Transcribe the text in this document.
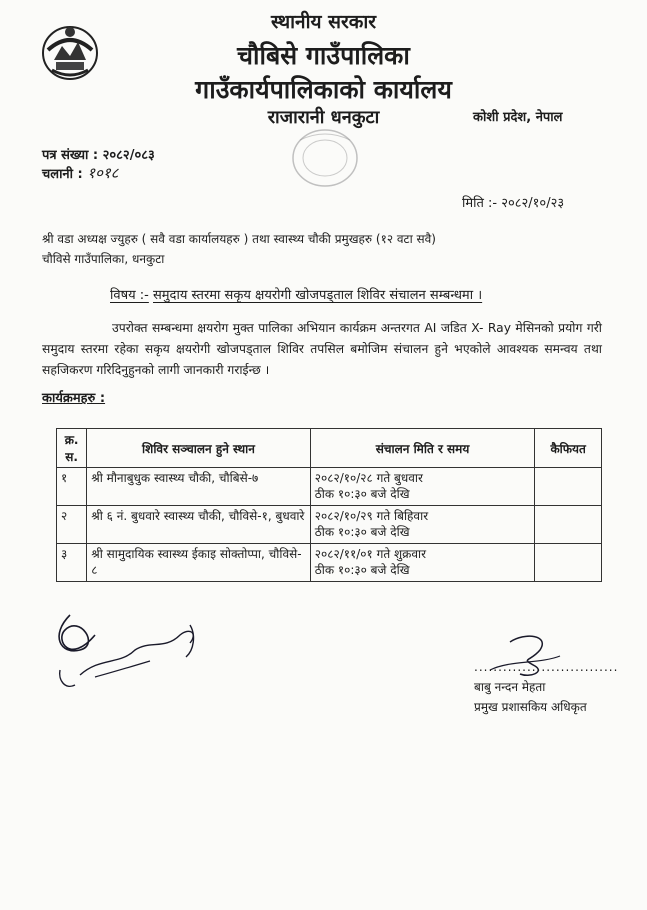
स्थानीय सरकार
चौबिसे गाउँपालिका
गाउँकार्यपालिकाको कार्यालय
राजारानी धनकुटा	कोशी प्रदेश, नेपाल
पत्र संख्या : २०८२/०८३
चलानी : १०१८
मिति :- २०८२/१०/२३
श्री वडा अध्यक्ष ज्युहरु ( सवै वडा कार्यालयहरु ) तथा स्वास्थ्य चौकी प्रमुखहरु (१२ वटा सवै)
चौविसे गाउँपालिका, धनकुटा
विषय :- समुदाय स्तरमा सकृय क्षयरोगी खोजपड्ताल शिविर संचालन सम्बन्धमा ।
उपरोक्त सम्बन्धमा क्षयरोग मुक्त पालिका अभियान कार्यक्रम अन्तरगत AI जडित X- Ray मेसिनको प्रयोग गरी समुदाय स्तरमा रहेका सकृय क्षयरोगी खोजपड्ताल शिविर तपसिल बमोजिम संचालन हुने भएकोले आवश्यक समन्वय तथा सहजिकरण गरिदिनुहुनको लागी जानकारी गराईन्छ ।
कार्यक्रमहरु :
क्र. स.	शिविर सञ्चालन हुने स्थान	संचालन मिति र समय	कैफियत
१	श्री मौनाबुधुक स्वास्थ्य चौकी, चौबिसे-७	२०८२/१०/२८ गते बुधवार
ठीक १०:३० बजे देखि	

२	श्री ६ नं. बुधवारे स्वास्थ्य चौकी, चौविसे-१, बुधवारे	२०८२/१०/२९ गते बिहिवार
ठीक १०:३० बजे देखि	

३	श्री सामुदायिक स्वास्थ्य ईकाइ सोक्तोप्पा, चौविसे- ८	२०८२/११/०१ गते शुक्रवार
ठीक १०:३० बजे देखि	

..............................
बाबु नन्दन मेहता
प्रमुख प्रशासकिय अधिकृत
